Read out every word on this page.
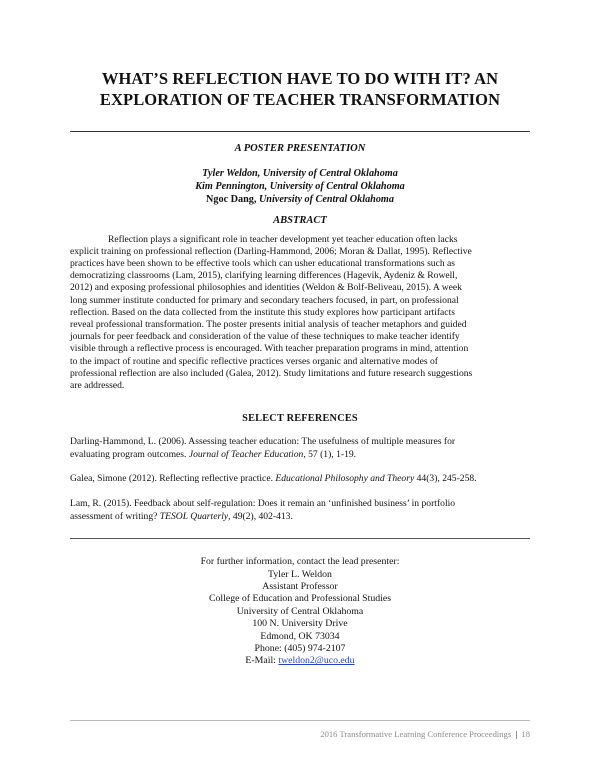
WHAT’S REFLECTION HAVE TO DO WITH IT? AN
EXPLORATION OF TEACHER TRANSFORMATION
A POSTER PRESENTATION
Tyler Weldon, University of Central Oklahoma
Kim Pennington, University of Central Oklahoma
Ngoc Dang, University of Central Oklahoma
ABSTRACT
Reflection plays a significant role in teacher development yet teacher education often lacks
explicit training on professional reflection (Darling-Hammond, 2006; Moran & Dallat, 1995). Reflective
practices have been shown to be effective tools which can usher educational transformations such as
democratizing classrooms (Lam, 2015), clarifying learning differences (Hagevik, Aydeniz & Rowell,
2012) and exposing professional philosophies and identities (Weldon & Bolf-Beliveau, 2015). A week
long summer institute conducted for primary and secondary teachers focused, in part, on professional
reflection. Based on the data collected from the institute this study explores how participant artifacts
reveal professional transformation. The poster presents initial analysis of teacher metaphors and guided
journals for peer feedback and consideration of the value of these techniques to make teacher identify
visible through a reflective process is encouraged. With teacher preparation programs in mind, attention
to the impact of routine and specific reflective practices verses organic and alternative modes of
professional reflection are also included (Galea, 2012). Study limitations and future research suggestions
are addressed.
SELECT REFERENCES
Darling-Hammond, L. (2006). Assessing teacher education: The usefulness of multiple measures for
evaluating program outcomes. Journal of Teacher Education, 57 (1), 1-19.
Galea, Simone (2012). Reflecting reflective practice. Educational Philosophy and Theory 44(3), 245-258.
Lam, R. (2015). Feedback about self-regulation: Does it remain an ‘unfinished business’ in portfolio
assessment of writing? TESOL Quarterly, 49(2), 402-413.
For further information, contact the lead presenter:
Tyler L. Weldon
Assistant Professor
College of Education and Professional Studies
University of Central Oklahoma
100 N. University Drive
Edmond, OK 73034
Phone: (405) 974-2107
E-Mail: tweldon2@uco.edu
2016 Transformative Learning Conference Proceedings | 18
